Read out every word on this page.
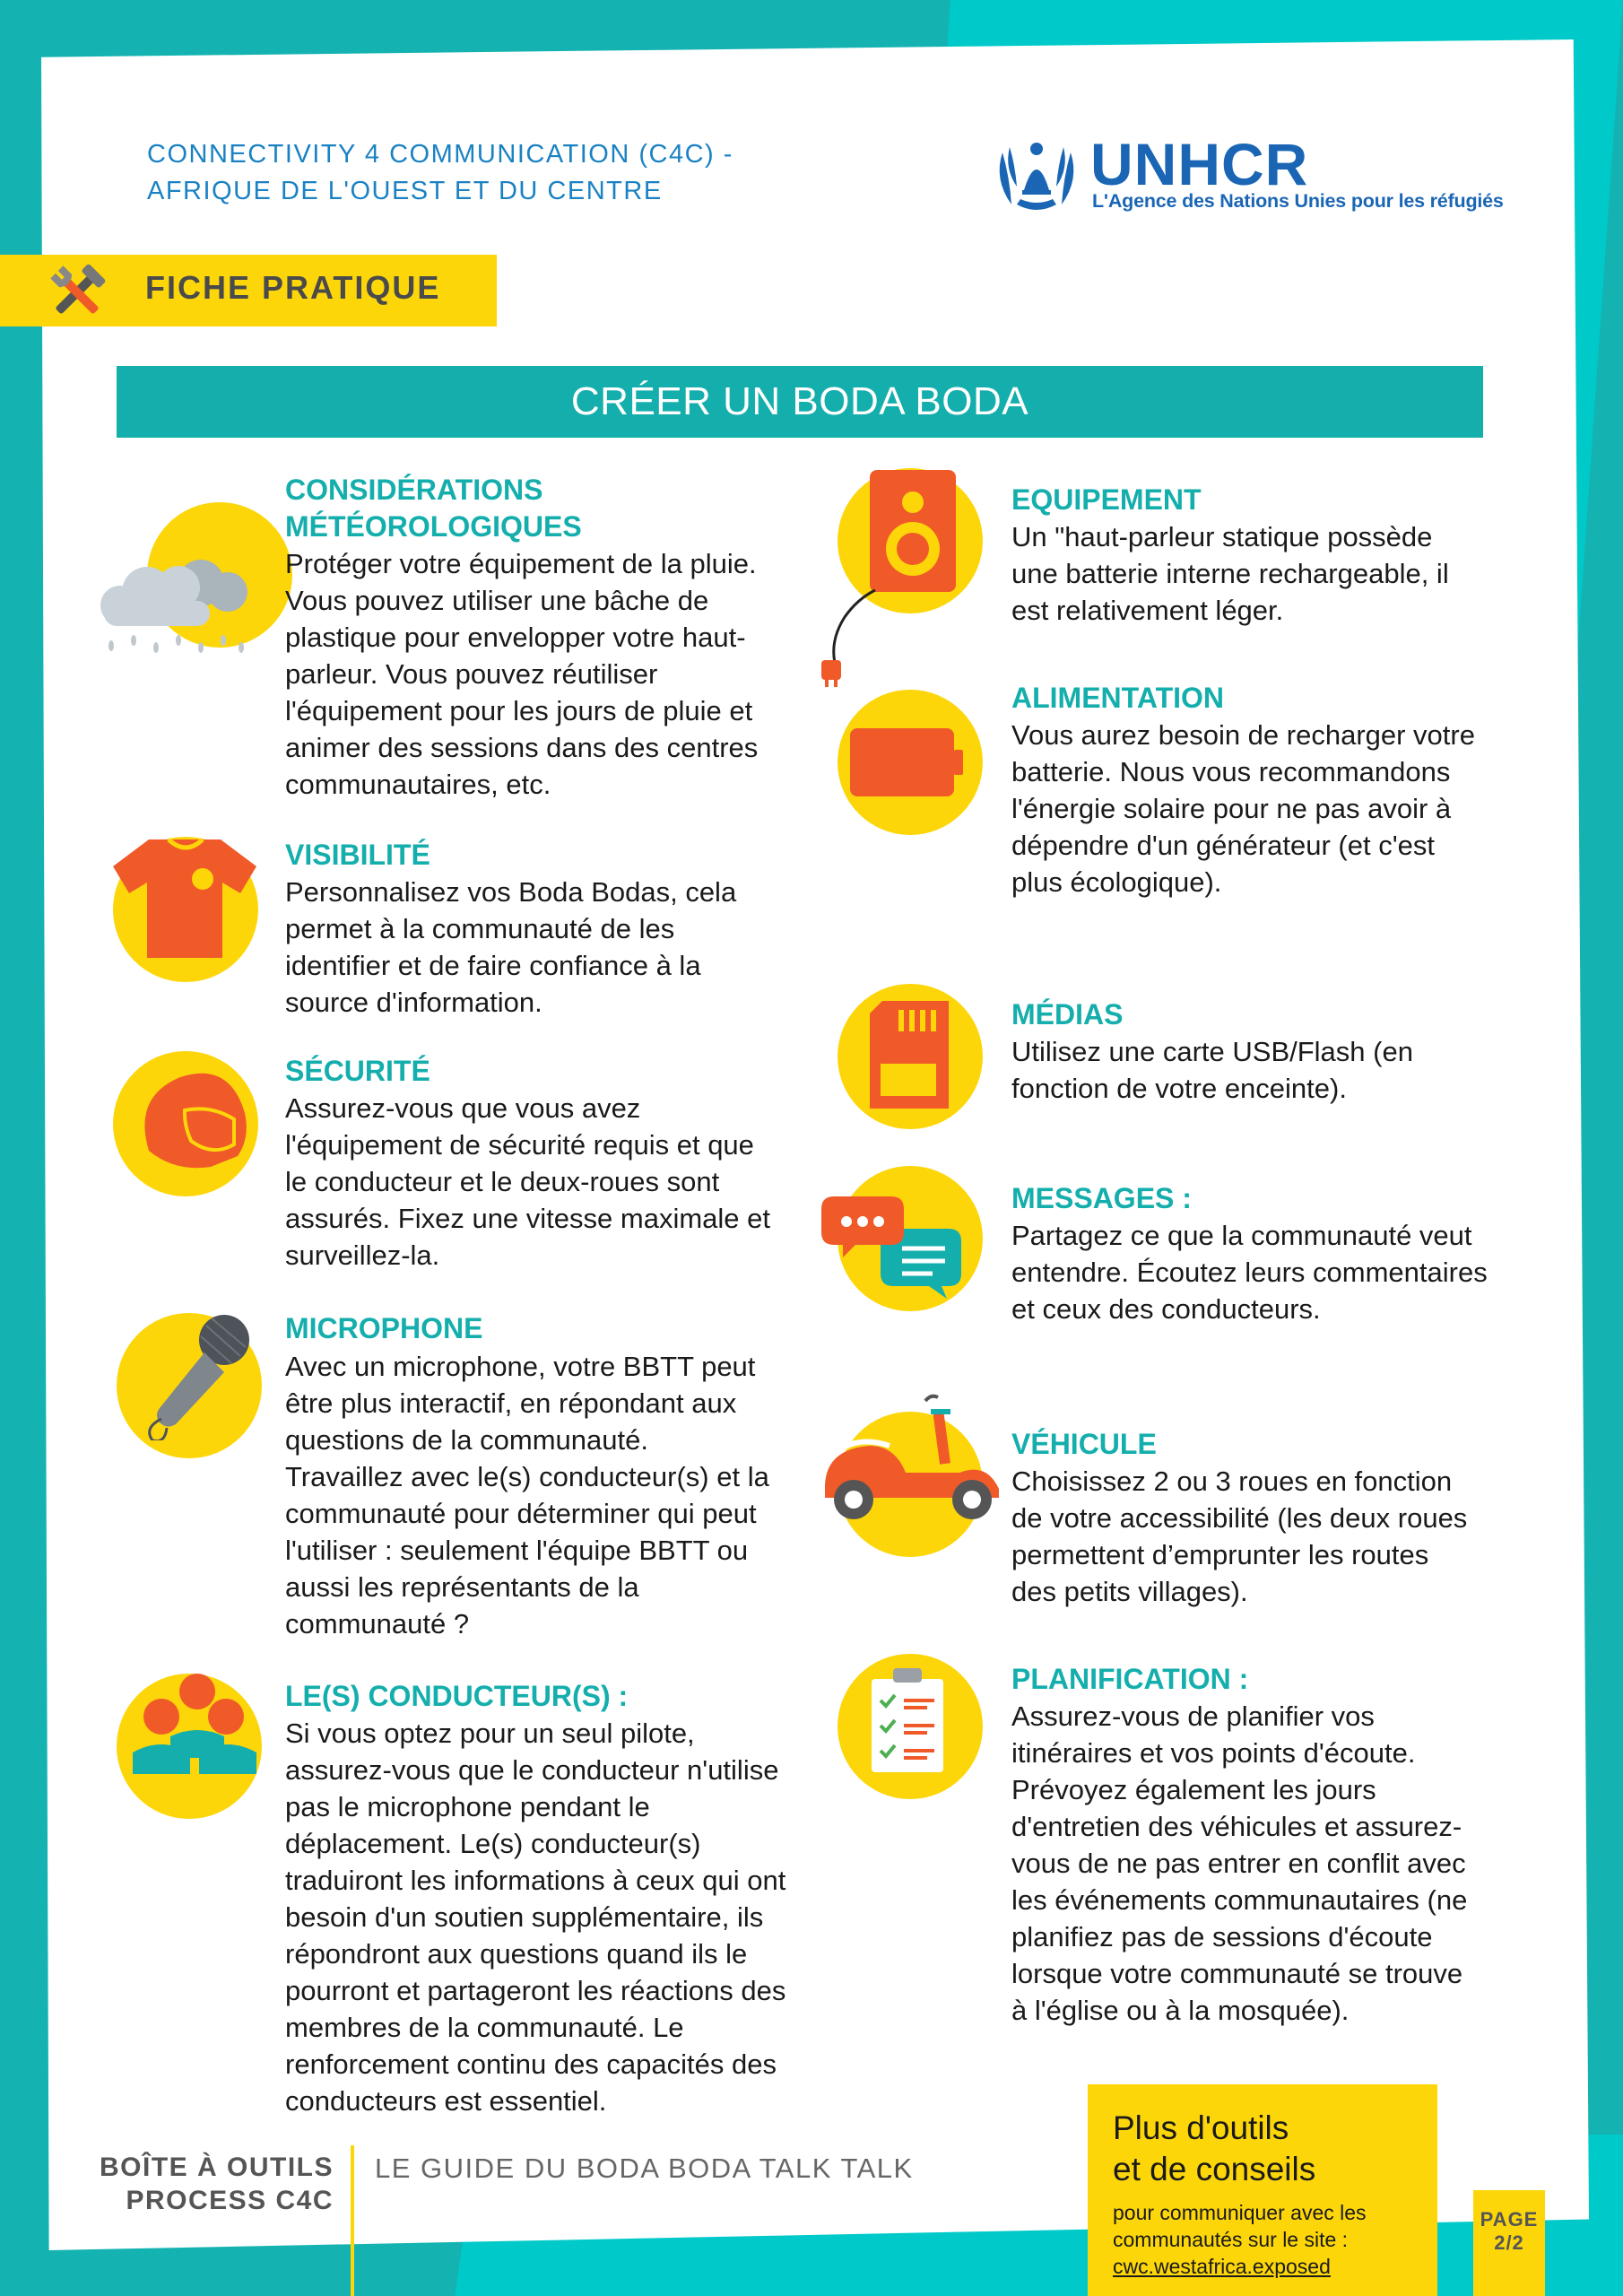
CONNECTIVITY 4 COMMUNICATION (C4C) -
AFRIQUE DE L'OUEST ET DU CENTRE	UNHCR
L'Agence des Nations Unies pour les réfugiés
FICHE PRATIQUE
CRÉER UN BODA BODA
CONSIDÉRATIONS
MÉTÉOROLOGIQUES
Protéger votre équipement de la pluie.
Vous pouvez utiliser une bâche de
plastique pour envelopper votre haut-
parleur. Vous pouvez réutiliser
l'équipement pour les jours de pluie et
animer des sessions dans des centres
communautaires, etc.
VISIBILITÉ
Personnalisez vos Boda Bodas, cela
permet à la communauté de les
identifier et de faire confiance à la
source d'information.
SÉCURITÉ
Assurez-vous que vous avez
l'équipement de sécurité requis et que
le conducteur et le deux-roues sont
assurés. Fixez une vitesse maximale et
surveillez-la.
MICROPHONE
Avec un microphone, votre BBTT peut
être plus interactif, en répondant aux
questions de la communauté.
Travaillez avec le(s) conducteur(s) et la
communauté pour déterminer qui peut
l'utiliser : seulement l'équipe BBTT ou
aussi les représentants de la
communauté ?
LE(S) CONDUCTEUR(S) :
Si vous optez pour un seul pilote,
assurez-vous que le conducteur n'utilise
pas le microphone pendant le
déplacement. Le(s) conducteur(s)
traduiront les informations à ceux qui ont
besoin d'un soutien supplémentaire, ils
répondront aux questions quand ils le
pourront et partageront les réactions des
membres de la communauté. Le
renforcement continu des capacités des
conducteurs est essentiel.
EQUIPEMENT
Un "haut-parleur statique possède
une batterie interne rechargeable, il
est relativement léger.
ALIMENTATION
Vous aurez besoin de recharger votre
batterie. Nous vous recommandons
l'énergie solaire pour ne pas avoir à
dépendre d'un générateur (et c'est
plus écologique).
MÉDIAS
Utilisez une carte USB/Flash (en
fonction de votre enceinte).
MESSAGES :
Partagez ce que la communauté veut
entendre. Écoutez leurs commentaires
et ceux des conducteurs.
VÉHICULE
Choisissez 2 ou 3 roues en fonction
de votre accessibilité (les deux roues
permettent d’emprunter les routes
des petits villages).
PLANIFICATION :
Assurez-vous de planifier vos
itinéraires et vos points d'écoute.
Prévoyez également les jours
d'entretien des véhicules et assurez-
vous de ne pas entrer en conflit avec
les événements communautaires (ne
planifiez pas de sessions d'écoute
lorsque votre communauté se trouve
à l'église ou à la mosquée).
BOÎTE À OUTILS
PROCESS C4C
LE GUIDE DU BODA BODA TALK TALK
Plus d'outils
et de conseils
pour communiquer avec les
communautés sur le site :
cwc.westafrica.exposed
PAGE
2/2
